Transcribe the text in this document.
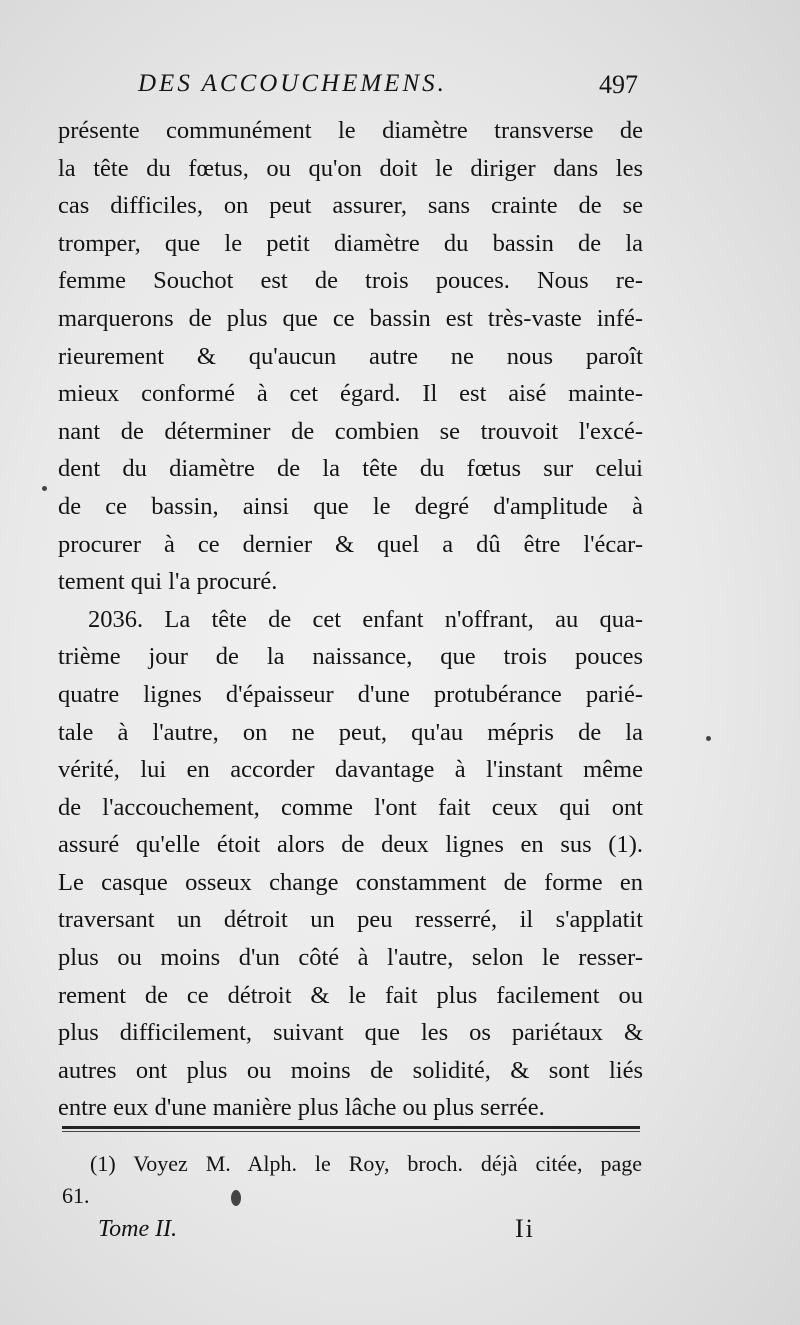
DES ACCOUCHEMENS.	497
présente communément le diamètre transverse de
la tête du fœtus, ou qu'on doit le diriger dans les
cas difficiles, on peut assurer, sans crainte de se
tromper, que le petit diamètre du bassin de la
femme Souchot est de trois pouces. Nous re-
marquerons de plus que ce bassin est très-vaste infé-
rieurement & qu'aucun autre ne nous paroît
mieux conformé à cet égard. Il est aisé mainte-
nant de déterminer de combien se trouvoit l'excé-
dent du diamètre de la tête du fœtus sur celui
de ce bassin, ainsi que le degré d'amplitude à
procurer à ce dernier & quel a dû être l'écar-
tement qui l'a procuré.
2036. La tête de cet enfant n'offrant, au qua-
trième jour de la naissance, que trois pouces
quatre lignes d'épaisseur d'une protubérance parié-
tale à l'autre, on ne peut, qu'au mépris de la
vérité, lui en accorder davantage à l'instant même
de l'accouchement, comme l'ont fait ceux qui ont
assuré qu'elle étoit alors de deux lignes en sus (1).
Le casque osseux change constamment de forme en
traversant un détroit un peu resserré, il s'applatit
plus ou moins d'un côté à l'autre, selon le resser-
rement de ce détroit & le fait plus facilement ou
plus difficilement, suivant que les os pariétaux &
autres ont plus ou moins de solidité, & sont liés
entre eux d'une manière plus lâche ou plus serrée.
(1) Voyez M. Alph. le Roy, broch. déjà citée, page
61.
Tome II.	Ii
